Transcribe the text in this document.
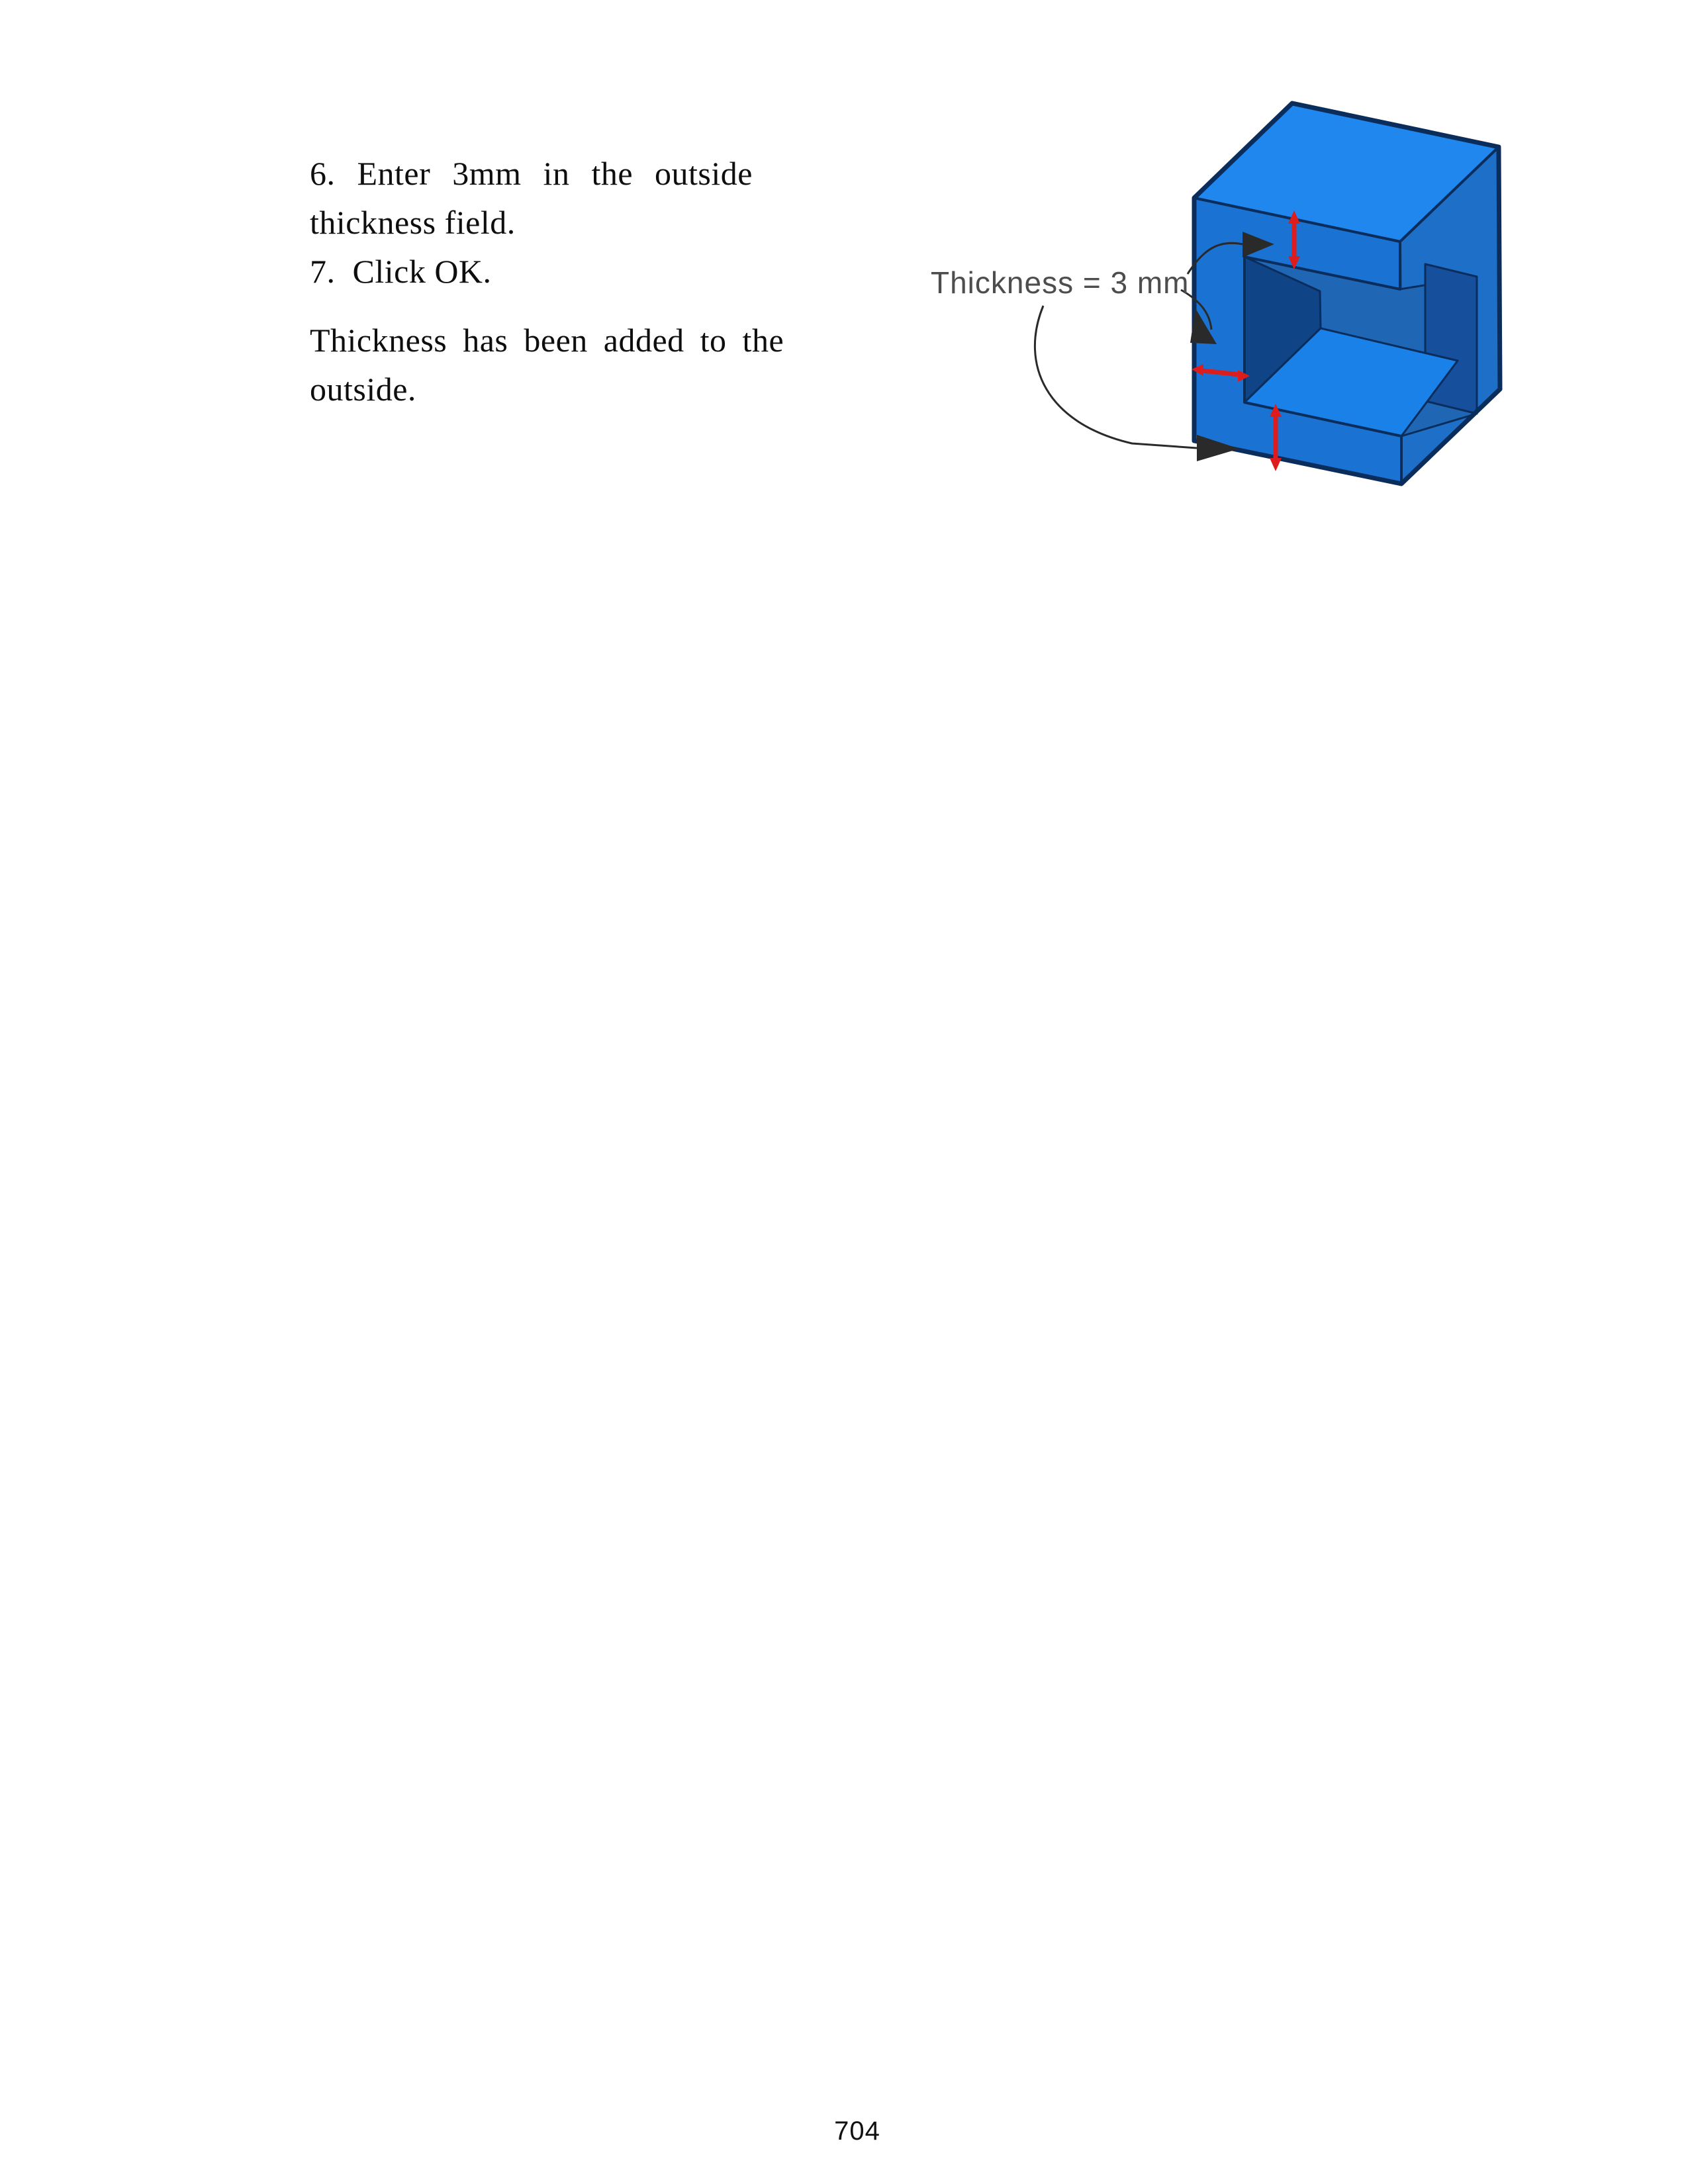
6. Enter 3mm in the outside
thickness field.
7.  Click OK.
Thickness has been added to the
outside.
Thickness = 3 mm
704
